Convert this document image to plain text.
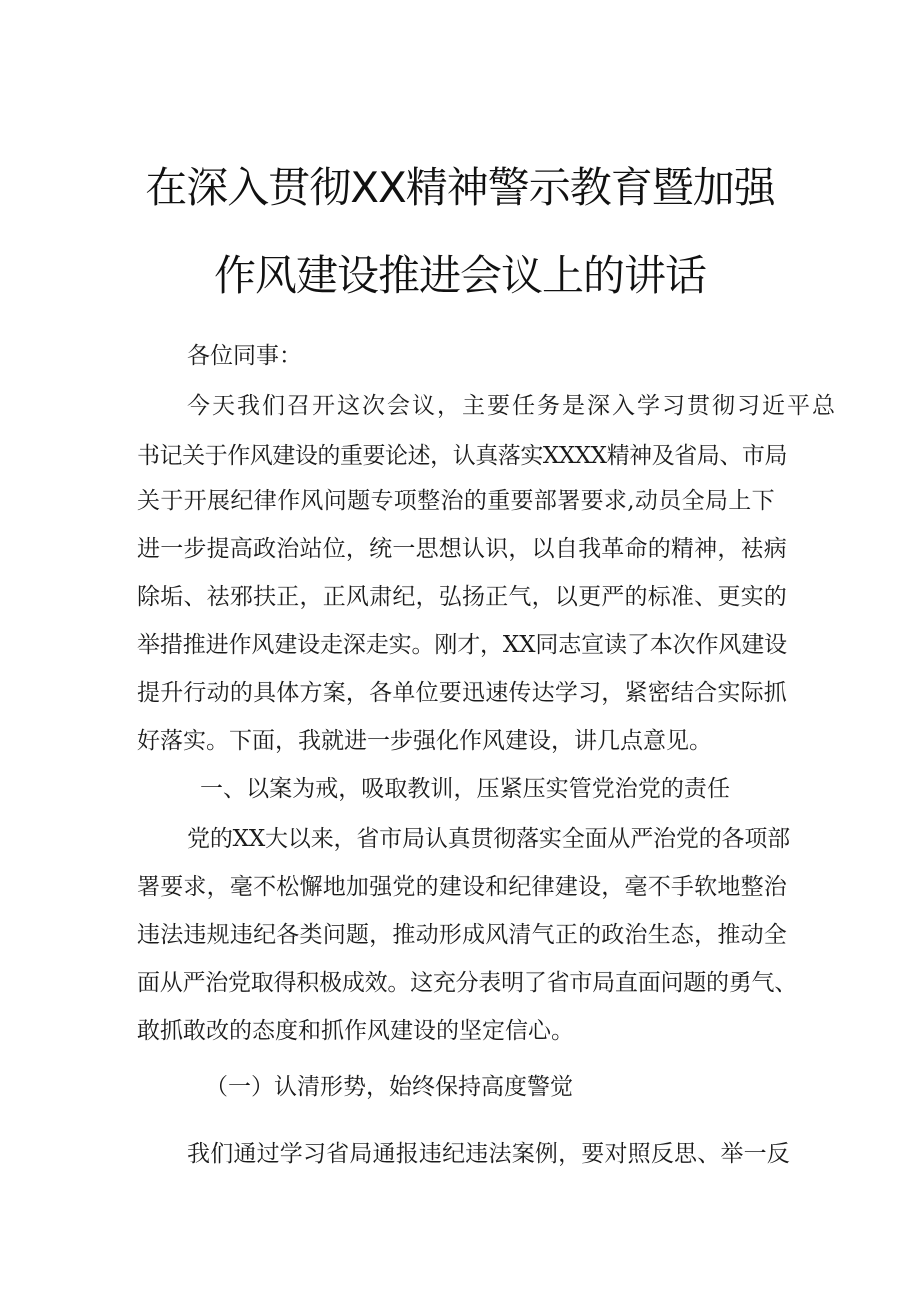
在深入贯彻XX精神警示教育暨加强
作风建设推进会议上的讲话
各位同事：
今天我们召开这次会议，主要任务是深入学习贯彻习近平总
书记关于作风建设的重要论述，认真落实XXXX精神及省局、市局
关于开展纪律作风问题专项整治的重要部署要求,动员全局上下
进一步提高政治站位，统一思想认识，以自我革命的精神，袪病
除垢、祛邪扶正，正风肃纪，弘扬正气，以更严的标准、更实的
举措推进作风建设走深走实。刚才，XX同志宣读了本次作风建设
提升行动的具体方案，各单位要迅速传达学习，紧密结合实际抓
好落实。下面，我就进一步强化作风建设，讲几点意见。
一、以案为戒，吸取教训，压紧压实管党治党的责任
党的XX大以来，省市局认真贯彻落实全面从严治党的各项部
署要求，毫不松懈地加强党的建设和纪律建设，毫不手软地整治
违法违规违纪各类问题，推动形成风清气正的政治生态，推动全
面从严治党取得积极成效。这充分表明了省市局直面问题的勇气、
敢抓敢改的态度和抓作风建设的坚定信心。
（一）认清形势，始终保持高度警觉
我们通过学习省局通报违纪违法案例，要对照反思、举一反
